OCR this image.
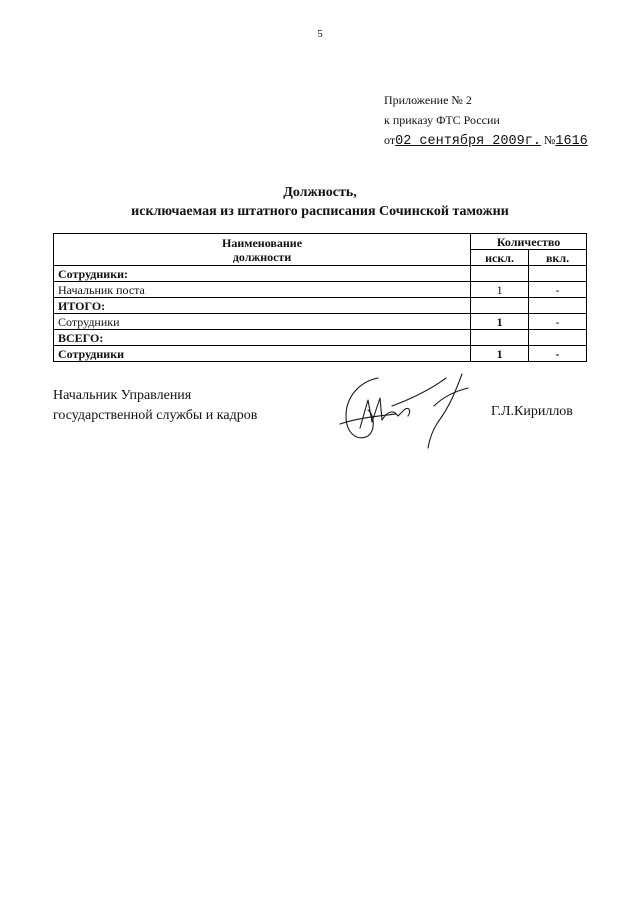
5
Приложение № 2
к приказу ФТС России
от02 сентября 2009г. №1616
Должность,
исключаемая из штатного расписания Сочинской таможни
Наименование
должности	Количество	
	искл.	вкл.
Сотрудники:		
Начальник поста	1	-
ИТОГО:		
Сотрудники	1	-
ВСЕГО:		
Сотрудники	1	-
Начальник Управления
государственной службы и кадров	Г.Л.Кириллов
